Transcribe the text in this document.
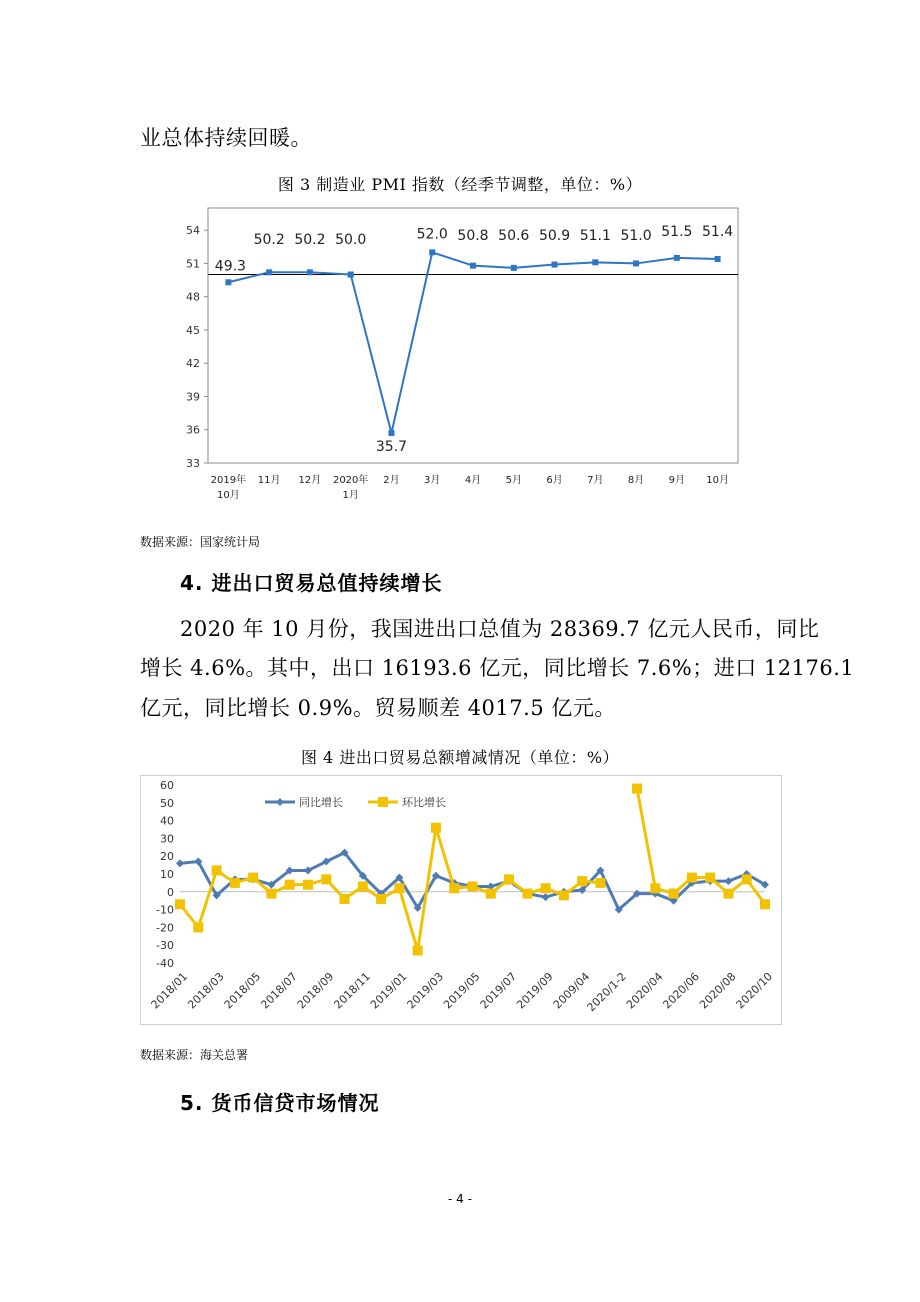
业总体持续回暖。
图 3 制造业 PMI 指数（经季节调整，单位：%）
33
36
39
42
45
48
51
54
49.3
50.2 50.2 50.0
35.7
52.0 50.8 50.6 50.9 51.1 51.0 51.5 51.4
2019年
10月
11月 12月 2020年
1月
2月 3月 4月 5月 6月 7月 8月 9月 10月
数据来源：国家统计局
4. 进出口贸易总值持续增长
2020 年 10 月份，我国进出口总值为 28369.7 亿元人民币，同比
增长 4.6%。其中，出口 16193.6 亿元，同比增长 7.6%；进口 12176.1
亿元，同比增长 0.9%。贸易顺差 4017.5 亿元。
图 4 进出口贸易总额增减情况（单位：%）
-40
-30
-20
-10
0
10
20
30
40
50
60
同比增长	环比增长
2018/01
2018/03
2018/05
2018/07
2018/09
2018/11
2019/01
2019/03
2019/05
2019/07
2019/09
2009/04
2020/1-2
2020/04
2020/06
2020/08
2020/10
数据来源：海关总署
5. 货币信贷市场情况
- 4 -
